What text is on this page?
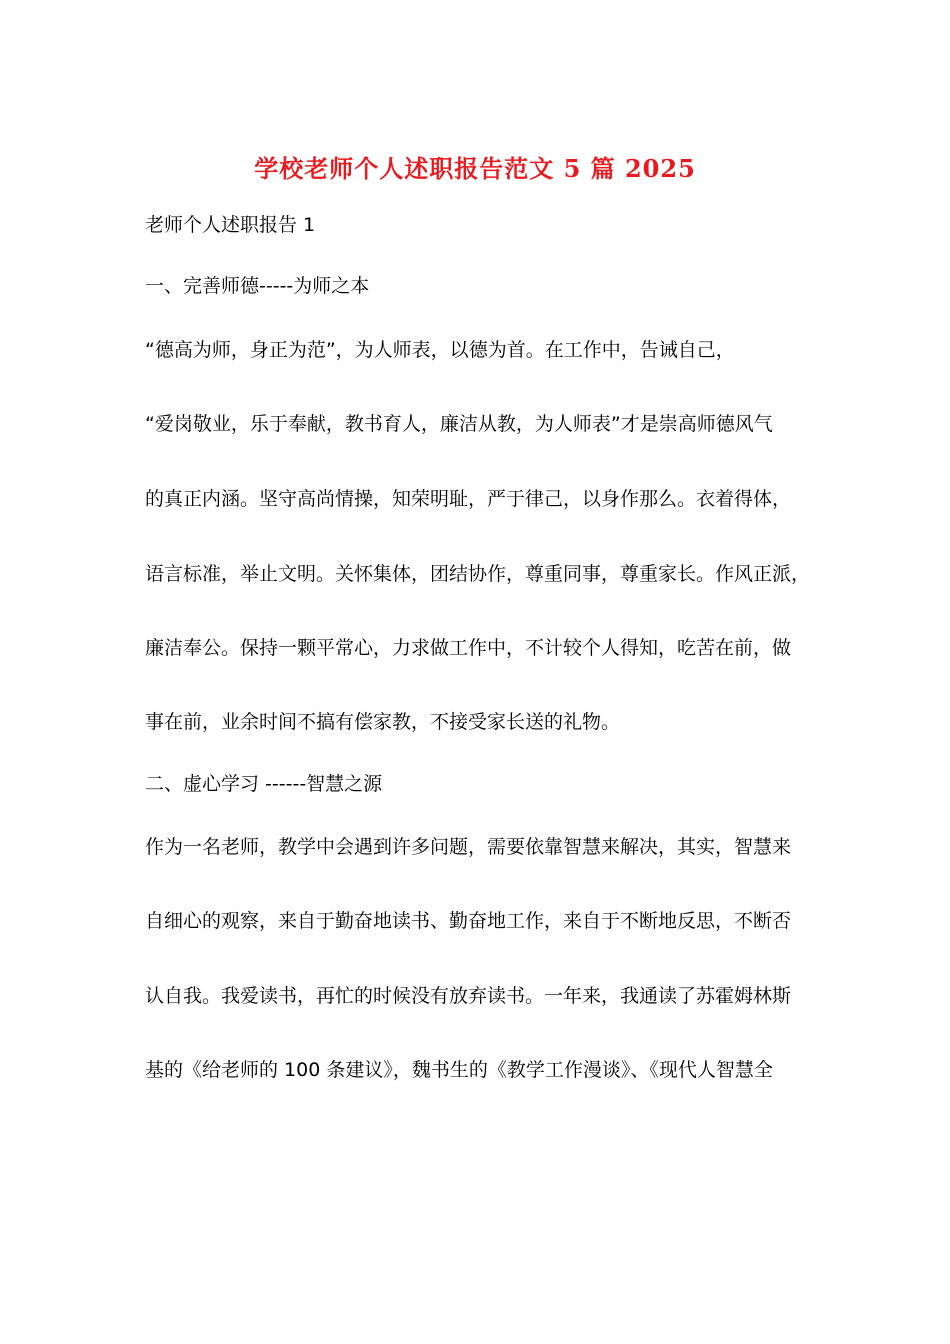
学校老师个人述职报告范文 5 篇 2025
老师个人述职报告 1
一、完善师德-----为师之本
“德高为师，身正为范”，为人师表，以德为首。在工作中，告诫自己，
“爱岗敬业，乐于奉献，教书育人，廉洁从教，为人师表”才是崇高师德风气
的真正内涵。坚守高尚情操，知荣明耻，严于律己，以身作那么。衣着得体，
语言标准，举止文明。关怀集体，团结协作，尊重同事，尊重家长。作风正派，
廉洁奉公。保持一颗平常心，力求做工作中，不计较个人得知，吃苦在前，做
事在前，业余时间不搞有偿家教，不接受家长送的礼物。
二、虚心学习 ------智慧之源
作为一名老师，教学中会遇到许多问题，需要依靠智慧来解决，其实，智慧来
自细心的观察，来自于勤奋地读书、勤奋地工作，来自于不断地反思，不断否
认自我。我爱读书，再忙的时候没有放弃读书。一年来，我通读了苏霍姆林斯
基的《给老师的 100 条建议》，魏书生的《教学工作漫谈》、《现代人智慧全
